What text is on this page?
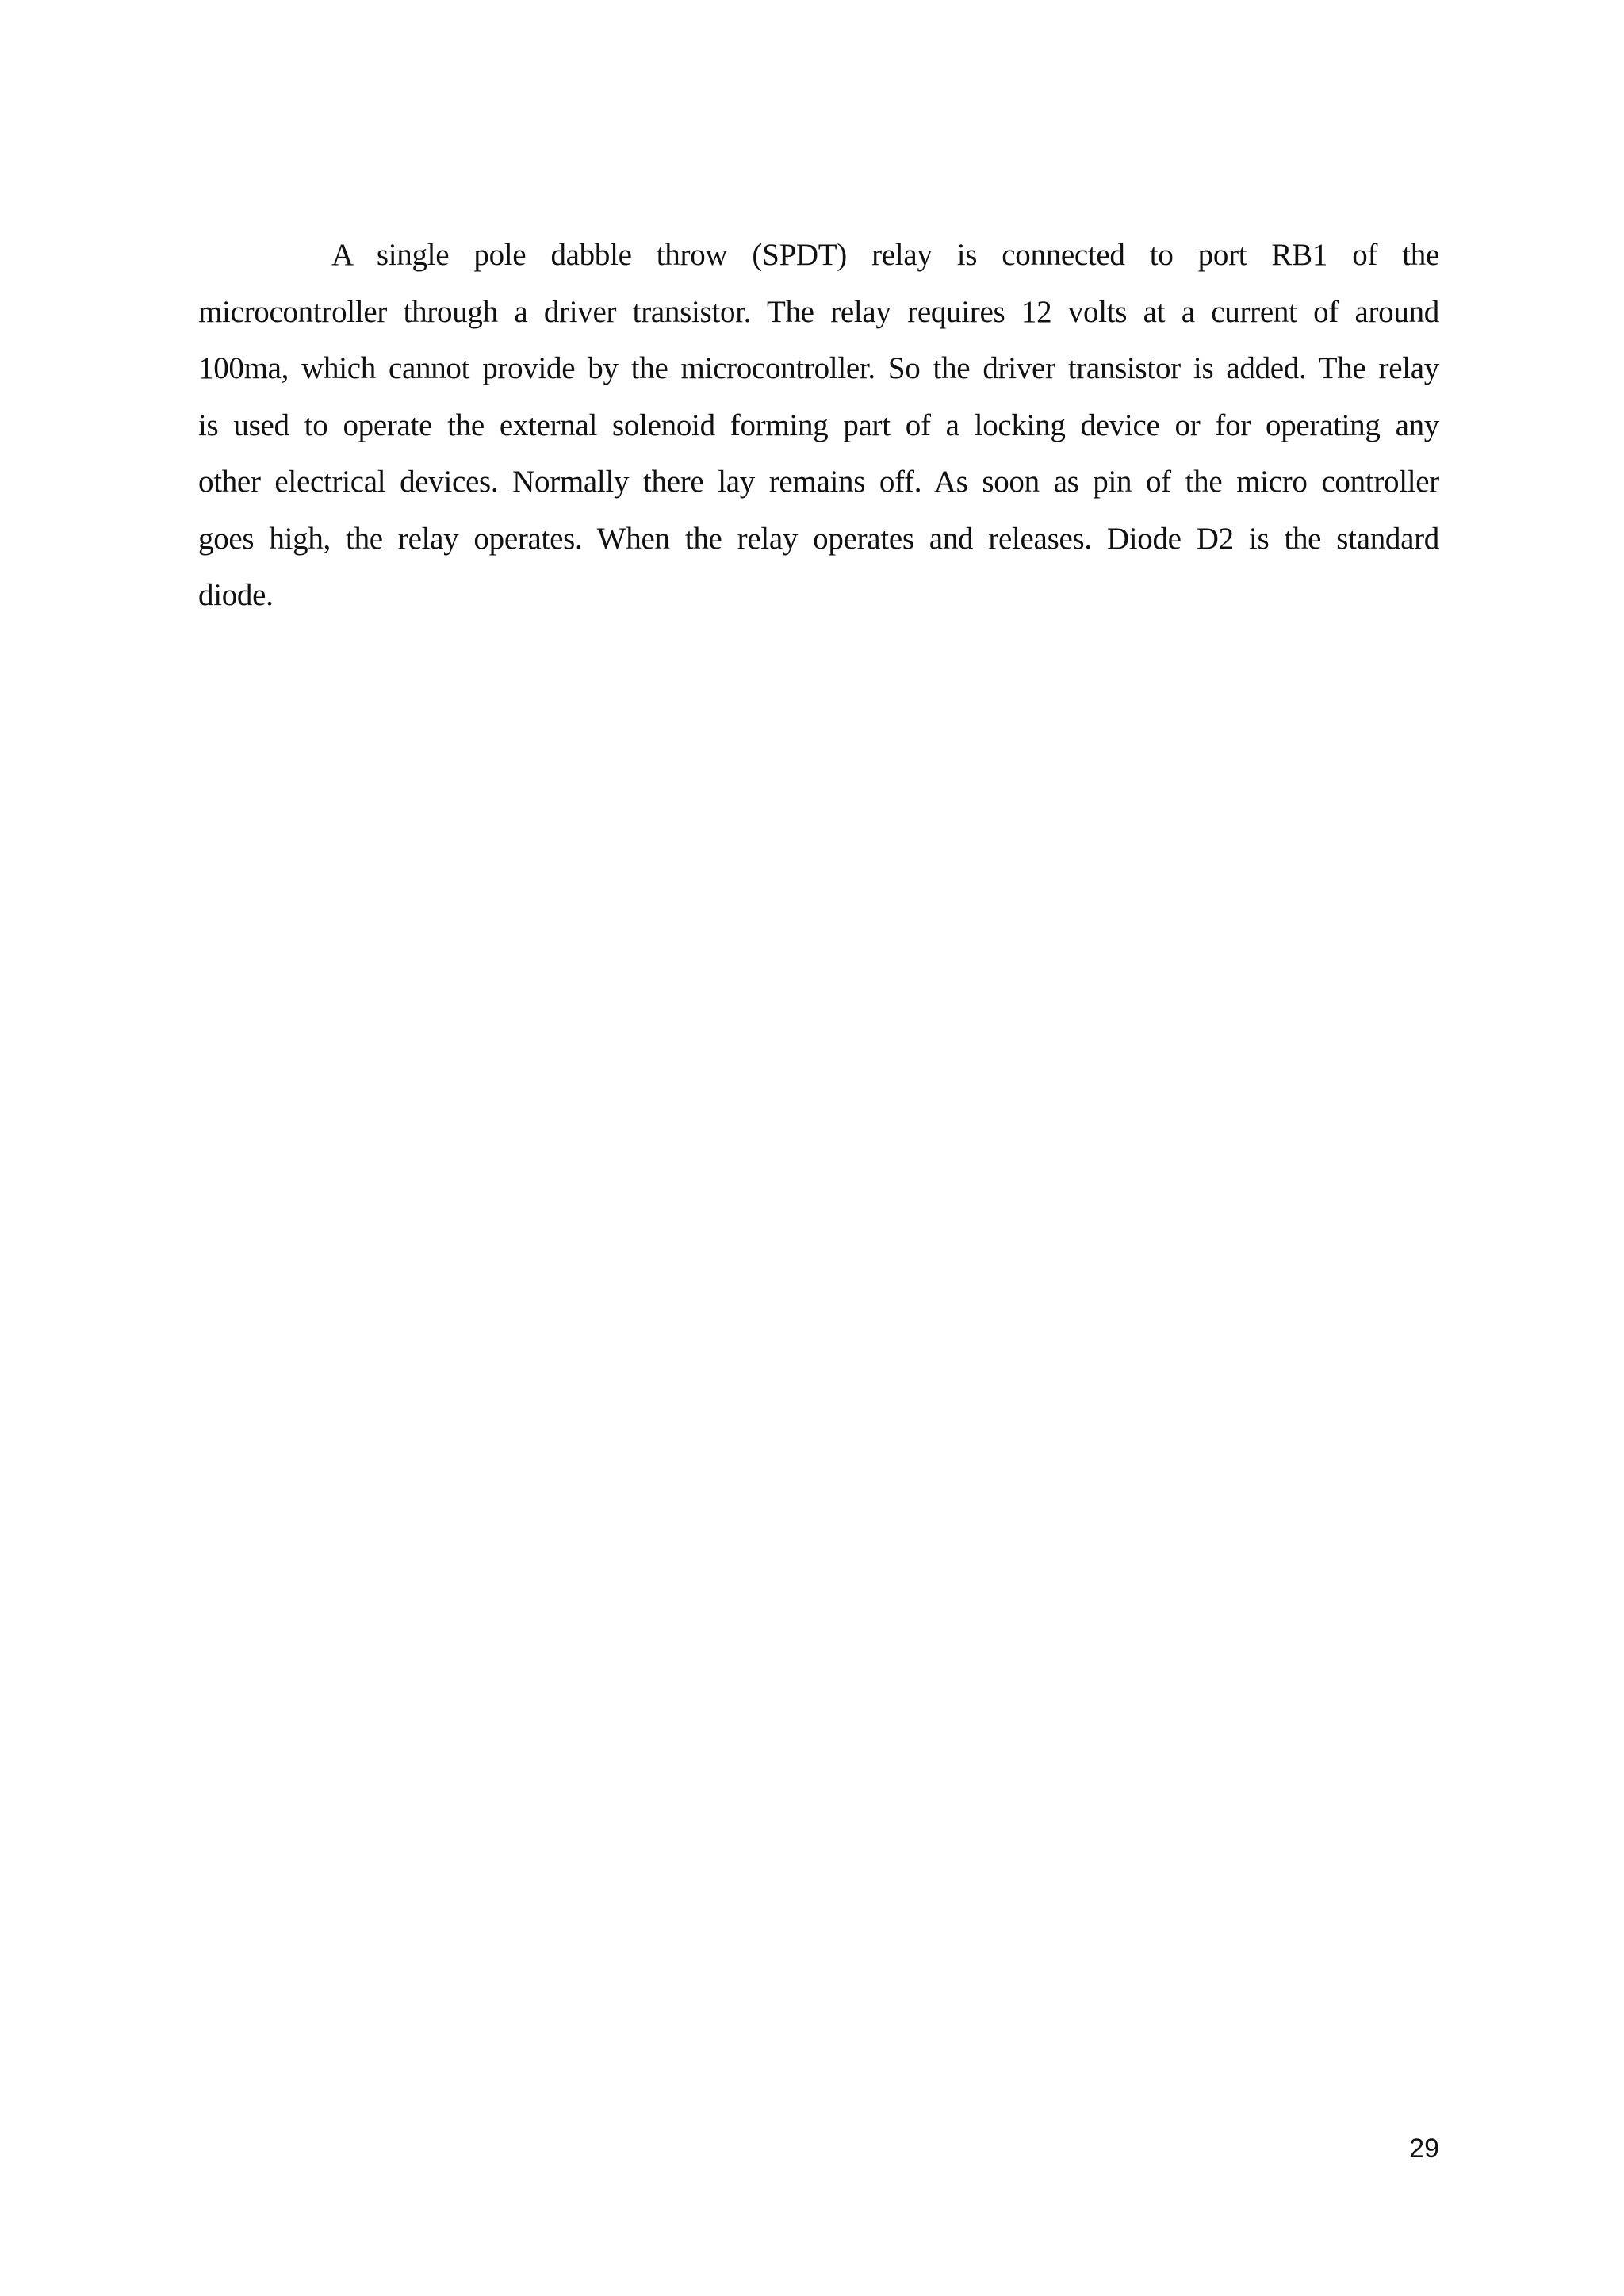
A single pole dabble throw (SPDT) relay is connected to port RB1 of the microcontroller through a driver transistor. The relay requires 12 volts at a current of around 100ma, which cannot provide by the microcontroller. So the driver transistor is added. The relay is used to operate the external solenoid forming part of a locking device or for operating any other electrical devices. Normally there lay remains off. As soon as pin of the micro controller goes high, the relay operates. When the relay operates and releases. Diode D2 is the standard diode.

29
